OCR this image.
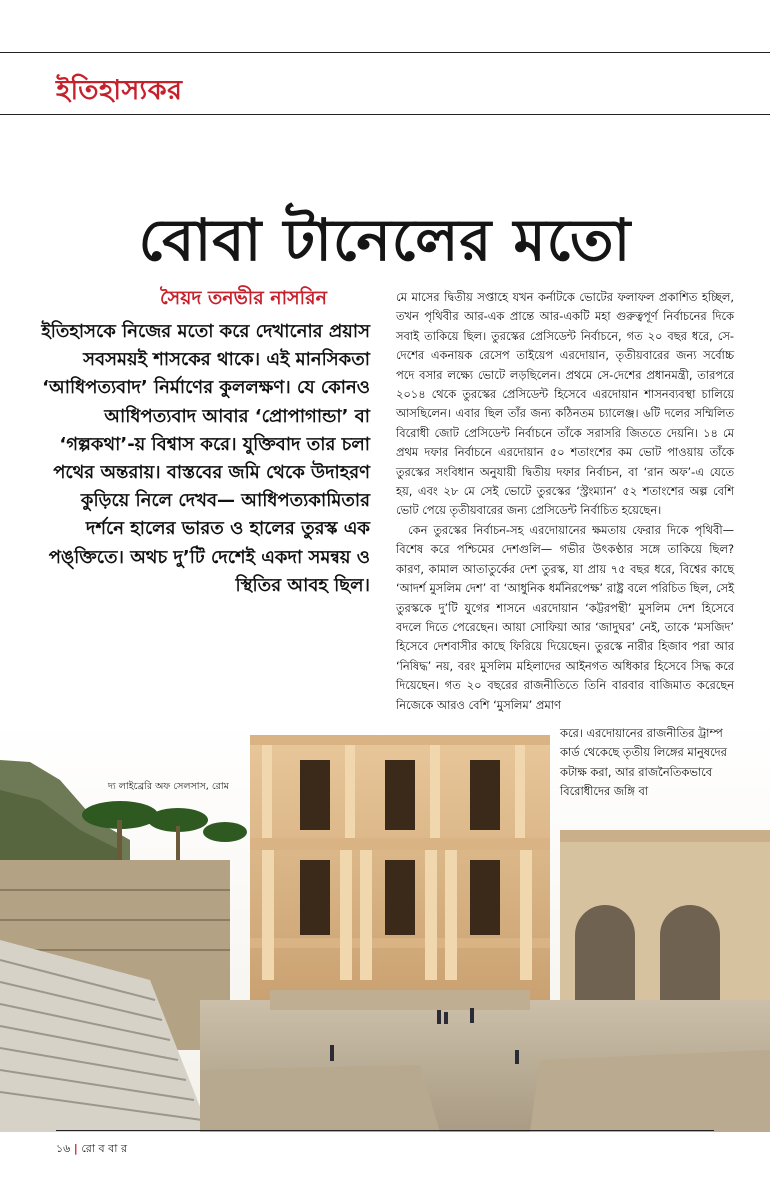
ইতিহাস্যকর
বোবা টানেলের মতো
সৈয়দ তনভীর নাসরিন

ইতিহাসকে নিজের মতো করে দেখানোর প্রয়াস সবসময়ই শাসকের থাকে। এই মানসিকতা ‘আধিপত্যবাদ’ নির্মাণের কুললক্ষণ। যে কোনও আধিপত্যবাদ আবার ‘প্রোপাগান্ডা’ বা ‘গল্পকথা’-য় বিশ্বাস করে। যুক্তিবাদ তার চলা পথের অন্তরায়। বাস্তবের জমি থেকে উদাহরণ কুড়িয়ে নিলে দেখব— আধিপত্যকামিতার দর্শনে হালের ভারত ও হালের তুরস্ক এক পঙ্‌ক্তিতে। অথচ দু’টি দেশেই একদা সমন্বয় ও স্থিতির আবহ ছিল।

মে মাসের দ্বিতীয় সপ্তাহে যখন কর্নাটকে ভোটের ফলাফল প্রকাশিত হচ্ছিল, তখন পৃথিবীর আর-এক প্রান্তে আর-একটি মহা গুরুত্বপূর্ণ নির্বাচনের দিকে সবাই তাকিয়ে ছিল। তুরস্কের প্রেসিডেন্ট নির্বাচনে, গত ২০ বছর ধরে, সে-দেশের একনায়ক রেসেপ তাইয়েপ এরদোয়ান, তৃতীয়বারের জন্য সর্বোচ্চ পদে বসার লক্ষ্যে ভোটে লড়ছিলেন। প্রথমে সে-দেশের প্রধানমন্ত্রী, তারপরে ২০১৪ থেকে তুরস্কের প্রেসিডেন্ট হিসেবে এরদোয়ান শাসনব্যবস্থা চালিয়ে আসছিলেন। এবার ছিল তাঁর জন্য কঠিনতম চ্যালেঞ্জ। ৬টি দলের সম্মিলিত বিরোধী জোট প্রেসিডেন্ট নির্বাচনে তাঁকে সরাসরি জিততে দেয়নি। ১৪ মে প্রথম দফার নির্বাচনে এরদোয়ান ৫০ শতাংশের কম ভোট পাওয়ায় তাঁকে তুরস্কের সংবিধান অনুযায়ী দ্বিতীয় দফার নির্বাচন, বা ‘রান অফ’-এ যেতে হয়, এবং ২৮ মে সেই ভোটে তুরস্কের ‘স্ট্রংম্যান’ ৫২ শতাংশের অল্প বেশি ভোট পেয়ে তৃতীয়বারের জন্য প্রেসিডেন্ট নির্বাচিত হয়েছেন।

কেন তুরস্কের নির্বাচন-সহ এরদোয়ানের ক্ষমতায় ফেরার দিকে পৃথিবী— বিশেষ করে পশ্চিমের দেশগুলি— গভীর উৎকণ্ঠার সঙ্গে তাকিয়ে ছিল? কারণ, কামাল আতাতুর্কের দেশ তুরস্ক, যা প্রায় ৭৫ বছর ধরে, বিশ্বের কাছে ‘আদর্শ মুসলিম দেশ’ বা ‘আধুনিক ধর্মনিরপেক্ষ’ রাষ্ট্র বলে পরিচিত ছিল, সেই তুরস্ককে দু’টি যুগের শাসনে এরদোয়ান ‘কট্টরপন্থী’ মুসলিম দেশ হিসেবে বদলে দিতে পেরেছেন। আয়া সোফিয়া আর ‘জাদুঘর’ নেই, তাকে ‘মসজিদ’ হিসেবে দেশবাসীর কাছে ফিরিয়ে দিয়েছেন। তুরস্কে নারীর হিজাব পরা আর ‘নিষিদ্ধ’ নয়, বরং মুসলিম মহিলাদের আইনগত অধিকার হিসেবে সিদ্ধ করে দিয়েছেন। গত ২০ বছরের রাজনীতিতে তিনি বারবার বাজিমাত করেছেন নিজেকে আরও বেশি ‘মুসলিম’ প্রমাণ

দ্য লাইব্রেরি অফ সেলসাস, রোম

করে। এরদোয়ানের রাজনীতির ট্রাম্প কার্ড থেকেছে তৃতীয় লিঙ্গের মানুষদের কটাক্ষ করা, আর রাজনৈতিকভাবে বিরোধীদের জঙ্গি বা

১৬ | রো ব বা র
